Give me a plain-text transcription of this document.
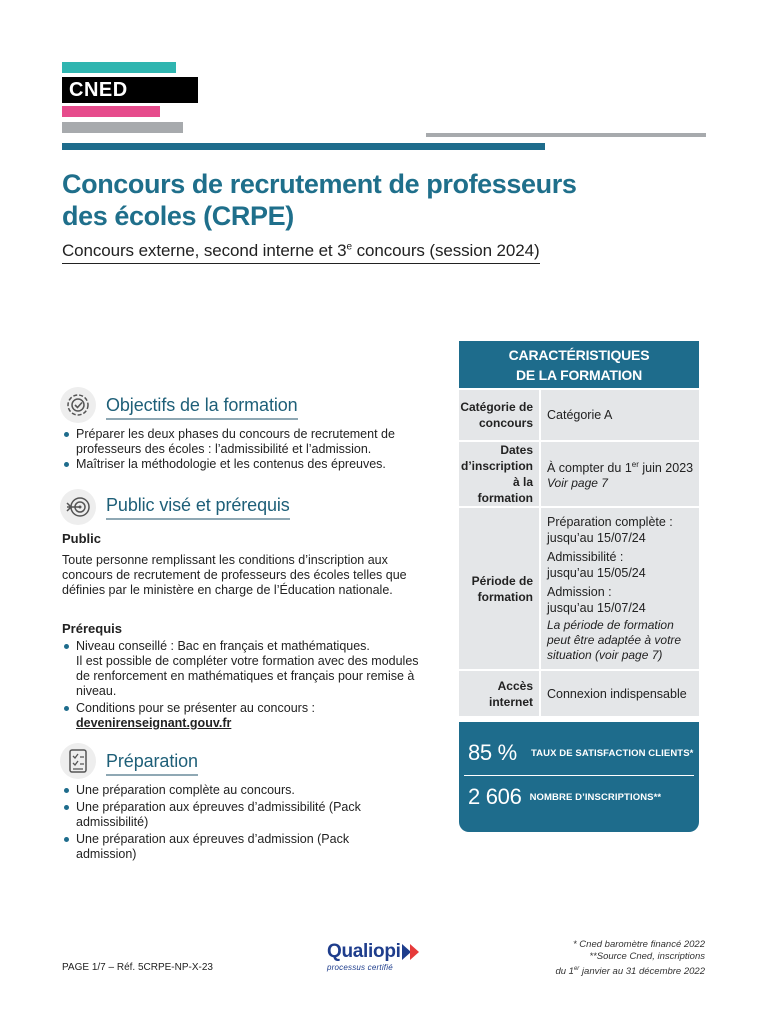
CNED
Concours de recrutement de professeurs
des écoles (CRPE)
Concours externe, second interne et 3e concours (session 2024)
Objectifs de la formation
Préparer les deux phases du concours de recrutement de professeurs des écoles : l’admissibilité et l’admission.
Maîtriser la méthodologie et les contenus des épreuves.
Public visé et prérequis
Public
Toute personne remplissant les conditions d’inscription aux concours de recrutement de professeurs des écoles telles que définies par le ministère en charge de l’Éducation nationale.
Prérequis
Niveau conseillé : Bac en français et mathématiques.
Il est possible de compléter votre formation avec des modules de renforcement en mathématiques et français pour remise à niveau.
Conditions pour se présenter au concours :
devenirenseignant.gouv.fr
Préparation
Une préparation complète au concours.
Une préparation aux épreuves d’admissibilité (Pack admissibilité)
Une préparation aux épreuves d’admission (Pack admission)
CARACTÉRISTIQUES
DE LA FORMATION
Catégorie de concours
Catégorie A
Dates d’inscription à la formation
À compter du 1er juin 2023
Voir page 7
Période de formation
Préparation complète :
jusqu’au 15/07/24
Admissibilité :
jusqu’au 15/05/24
Admission :
jusqu’au 15/07/24
La période de formation peut être adaptée à votre situation (voir page 7)
Accès internet
Connexion indispensable
85 % TAUX DE SATISFACTION CLIENTS*
2 606 NOMBRE D’INSCRIPTIONS**
PAGE 1/7 – Réf. 5CRPE-NP-X-23
Qualiopi
processus certifié
* Cned baromètre financé 2022
**Source Cned, inscriptions
du 1er janvier au 31 décembre 2022
